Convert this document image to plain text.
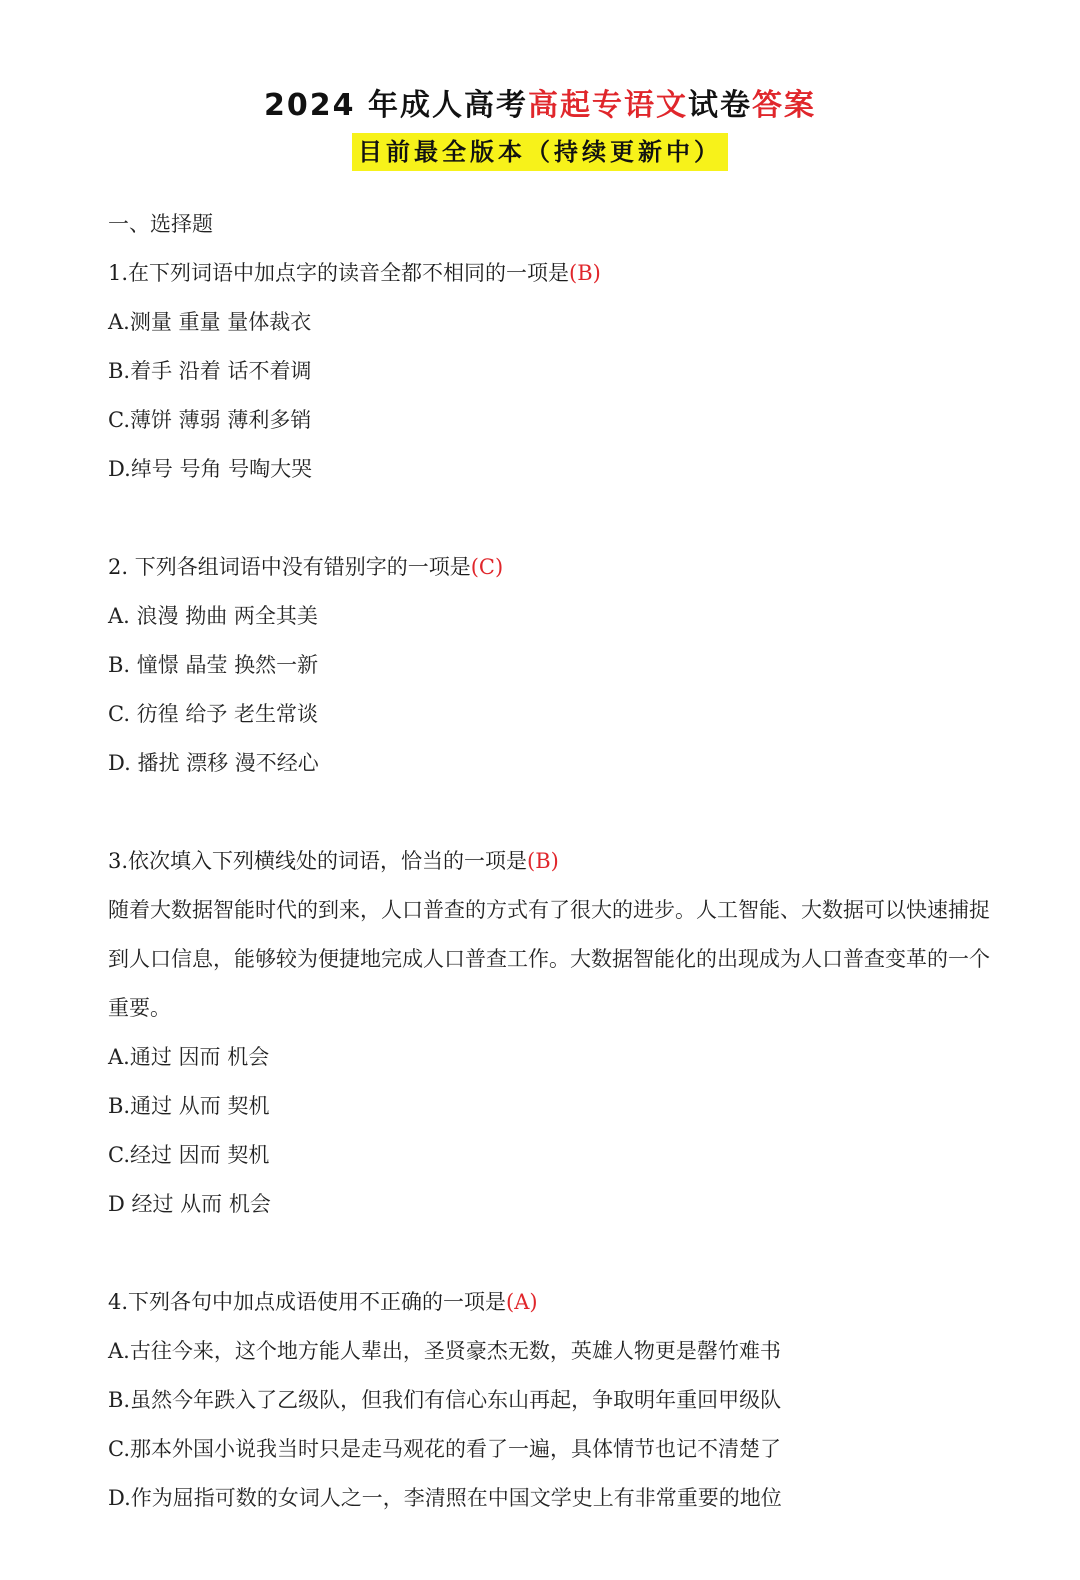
2024 年成人高考高起专语文试卷答案
目前最全版本（持续更新中）
一、选择题
1.在下列词语中加点字的读音全都不相同的一项是(B)
A.测量 重量 量体裁衣
B.着手 沿着 话不着调
C.薄饼 薄弱 薄利多销
D.绰号 号角 号啕大哭
2. 下列各组词语中没有错别字的一项是(C)
A. 浪漫 拗曲 两全其美
B. 憧憬 晶莹 换然一新
C. 彷徨 给予 老生常谈
D. 播扰 漂移 漫不经心
3.依次填入下列横线处的词语，恰当的一项是(B)
随着大数据智能时代的到来，人口普查的方式有了很大的进步。人工智能、大数据可以快速捕捉到人口信息，能够较为便捷地完成人口普查工作。大数据智能化的出现成为人口普查变革的一个重要。
A.通过 因而 机会
B.通过 从而 契机
C.经过 因而 契机
D 经过 从而 机会
4.下列各句中加点成语使用不正确的一项是(A)
A.古往今来，这个地方能人辈出，圣贤豪杰无数，英雄人物更是罄竹难书
B.虽然今年跌入了乙级队，但我们有信心东山再起，争取明年重回甲级队
C.那本外国小说我当时只是走马观花的看了一遍，具体情节也记不清楚了
D.作为屈指可数的女词人之一，李清照在中国文学史上有非常重要的地位
